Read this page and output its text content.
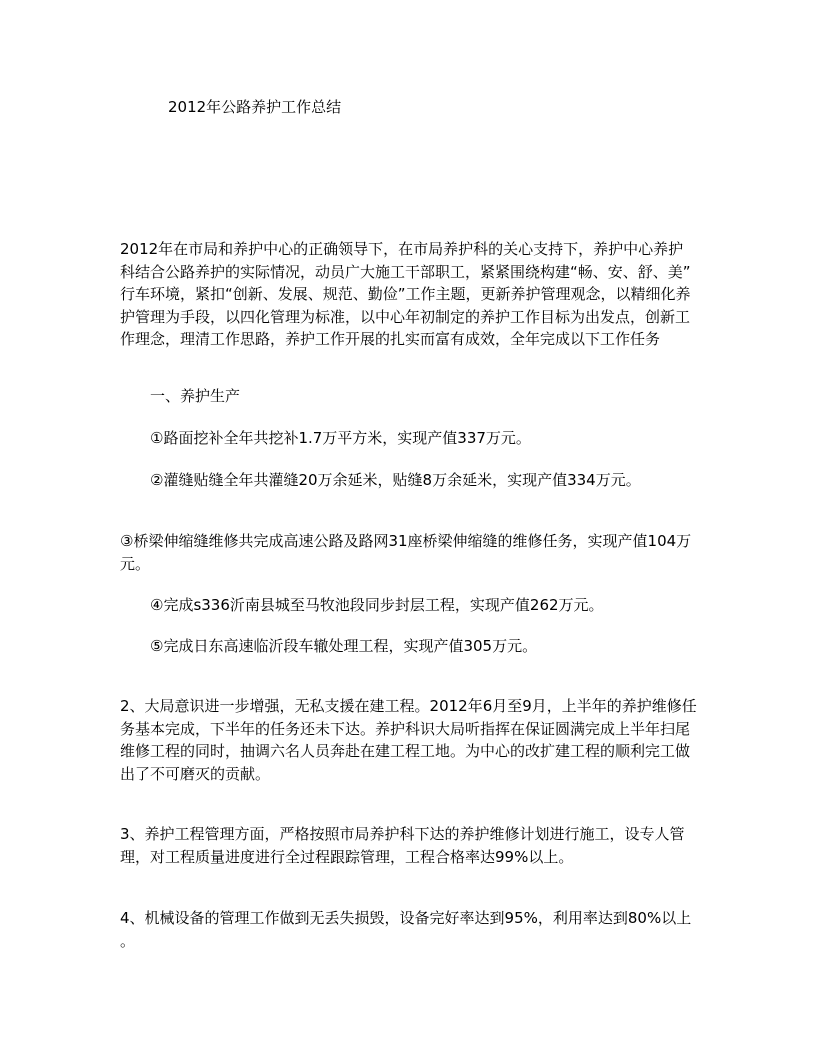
2012年公路养护工作总结

2012年在市局和养护中心的正确领导下，在市局养护科的关心支持下，养护中心养护科结合公路养护的实际情况，动员广大施工干部职工，紧紧围绕构建“畅、安、舒、美”行车环境，紧扣“创新、发展、规范、勤俭”工作主题，更新养护管理观念，以精细化养护管理为手段，以四化管理为标准，以中心年初制定的养护工作目标为出发点，创新工作理念，理清工作思路，养护工作开展的扎实而富有成效，全年完成以下工作任务

一、养护生产

①路面挖补全年共挖补1.7万平方米，实现产值337万元。

②灌缝贴缝全年共灌缝20万余延米，贴缝8万余延米，实现产值334万元。

③桥梁伸缩缝维修共完成高速公路及路网31座桥梁伸缩缝的维修任务，实现产值104万元。

④完成s336沂南县城至马牧池段同步封层工程，实现产值262万元。

⑤完成日东高速临沂段车辙处理工程，实现产值305万元。

2、大局意识进一步增强，无私支援在建工程。2012年6月至9月，上半年的养护维修任务基本完成，下半年的任务还未下达。养护科识大局听指挥在保证圆满完成上半年扫尾维修工程的同时，抽调六名人员奔赴在建工程工地。为中心的改扩建工程的顺利完工做出了不可磨灭的贡献。

3、养护工程管理方面，严格按照市局养护科下达的养护维修计划进行施工，设专人管理，对工程质量进度进行全过程跟踪管理，工程合格率达99%以上。

4、机械设备的管理工作做到无丢失损毁，设备完好率达到95%，利用率达到80%以上。
